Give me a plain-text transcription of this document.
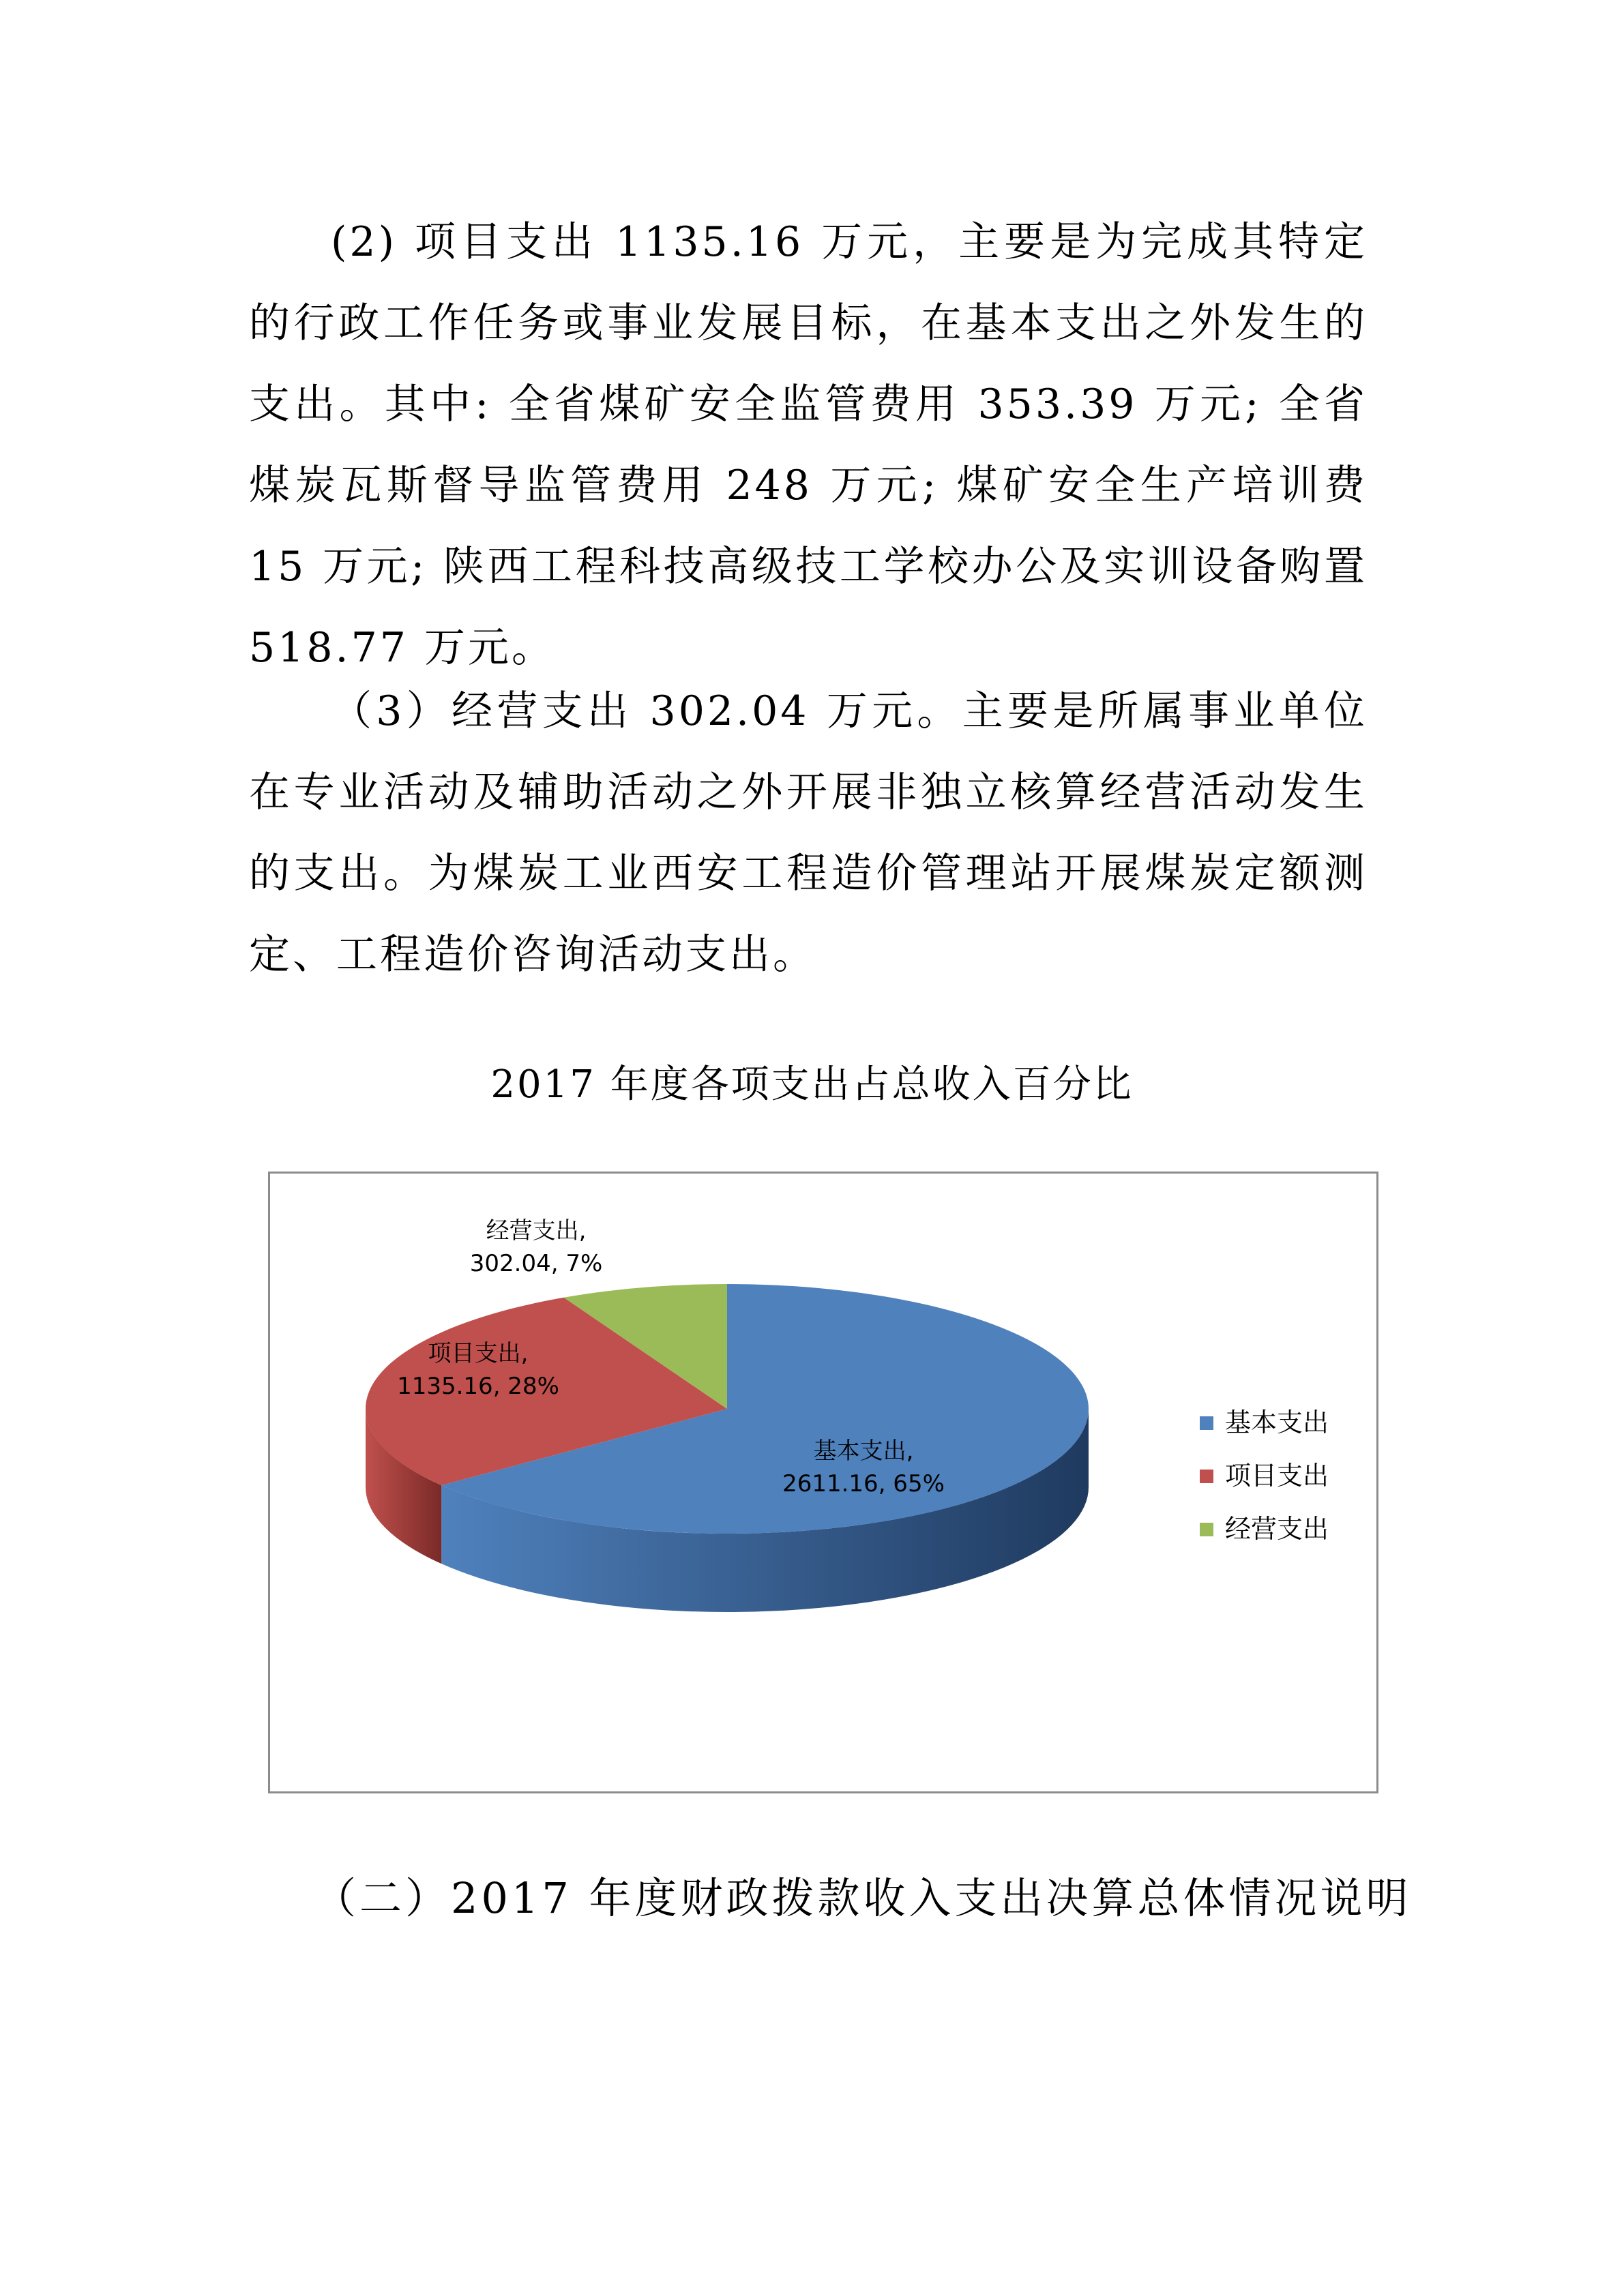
(2) 项目支出 1135.16 万元，主要是为完成其特定的行政工作任务或事业发展目标，在基本支出之外发生的支出。其中: 全省煤矿安全监管费用 353.39 万元; 全省煤炭瓦斯督导监管费用 248 万元; 煤矿安全生产培训费 15 万元; 陕西工程科技高级技工学校办公及实训设备购置 518.77 万元。

（3）经营支出 302.04 万元。主要是所属事业单位在专业活动及辅助活动之外开展非独立核算经营活动发生的支出。为煤炭工业西安工程造价管理站开展煤炭定额测定、工程造价咨询活动支出。

2017 年度各项支出占总收入百分比

基本支出,
2611.16, 65%
项目支出,
1135.16, 28%
经营支出,
302.04, 7%
基本支出
项目支出
经营支出

（二）2017 年度财政拨款收入支出决算总体情况说明
